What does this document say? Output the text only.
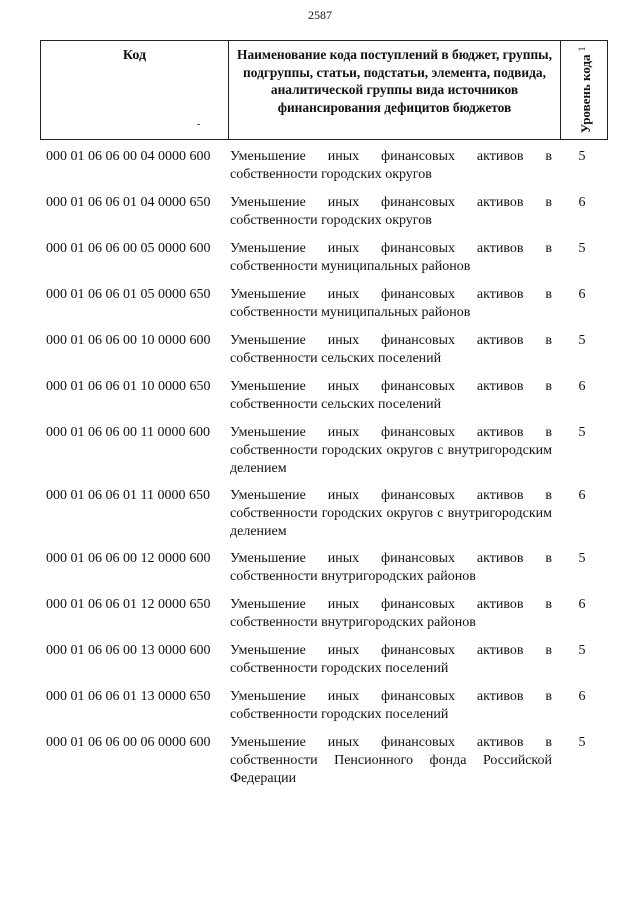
2587
Код
-
Наименование кода поступлений в бюджет, группы, подгруппы, статьи, подстатьи, элемента, подвида, аналитической группы вида источников финансирования дефицитов бюджетов	Уровень кода $^1$
000 01 06 06 00 04 0000 600 Уменьшение иных финансовых активов в собственности городских округов
5
000 01 06 06 01 04 0000 650 Уменьшение иных финансовых активов в собственности городских округов
6
000 01 06 06 00 05 0000 600 Уменьшение иных финансовых активов в собственности муниципальных районов
5
000 01 06 06 01 05 0000 650 Уменьшение иных финансовых активов в собственности муниципальных районов
6
000 01 06 06 00 10 0000 600 Уменьшение иных финансовых активов в собственности сельских поселений
5
000 01 06 06 01 10 0000 650 Уменьшение иных финансовых активов в собственности сельских поселений
6
000 01 06 06 00 11 0000 600 Уменьшение иных финансовых активов в собственности городских округов с внутригородским делением
5
000 01 06 06 01 11 0000 650 Уменьшение иных финансовых активов в собственности городских округов с внутригородским делением
6
000 01 06 06 00 12 0000 600 Уменьшение иных финансовых активов в собственности внутригородских районов
5
000 01 06 06 01 12 0000 650 Уменьшение иных финансовых активов в собственности внутригородских районов
6
000 01 06 06 00 13 0000 600 Уменьшение иных финансовых активов в собственности городских поселений
5
000 01 06 06 01 13 0000 650 Уменьшение иных финансовых активов в собственности городских поселений
6
000 01 06 06 00 06 0000 600 Уменьшение иных финансовых активов в собственности Пенсионного фонда Российской Федерации
5
